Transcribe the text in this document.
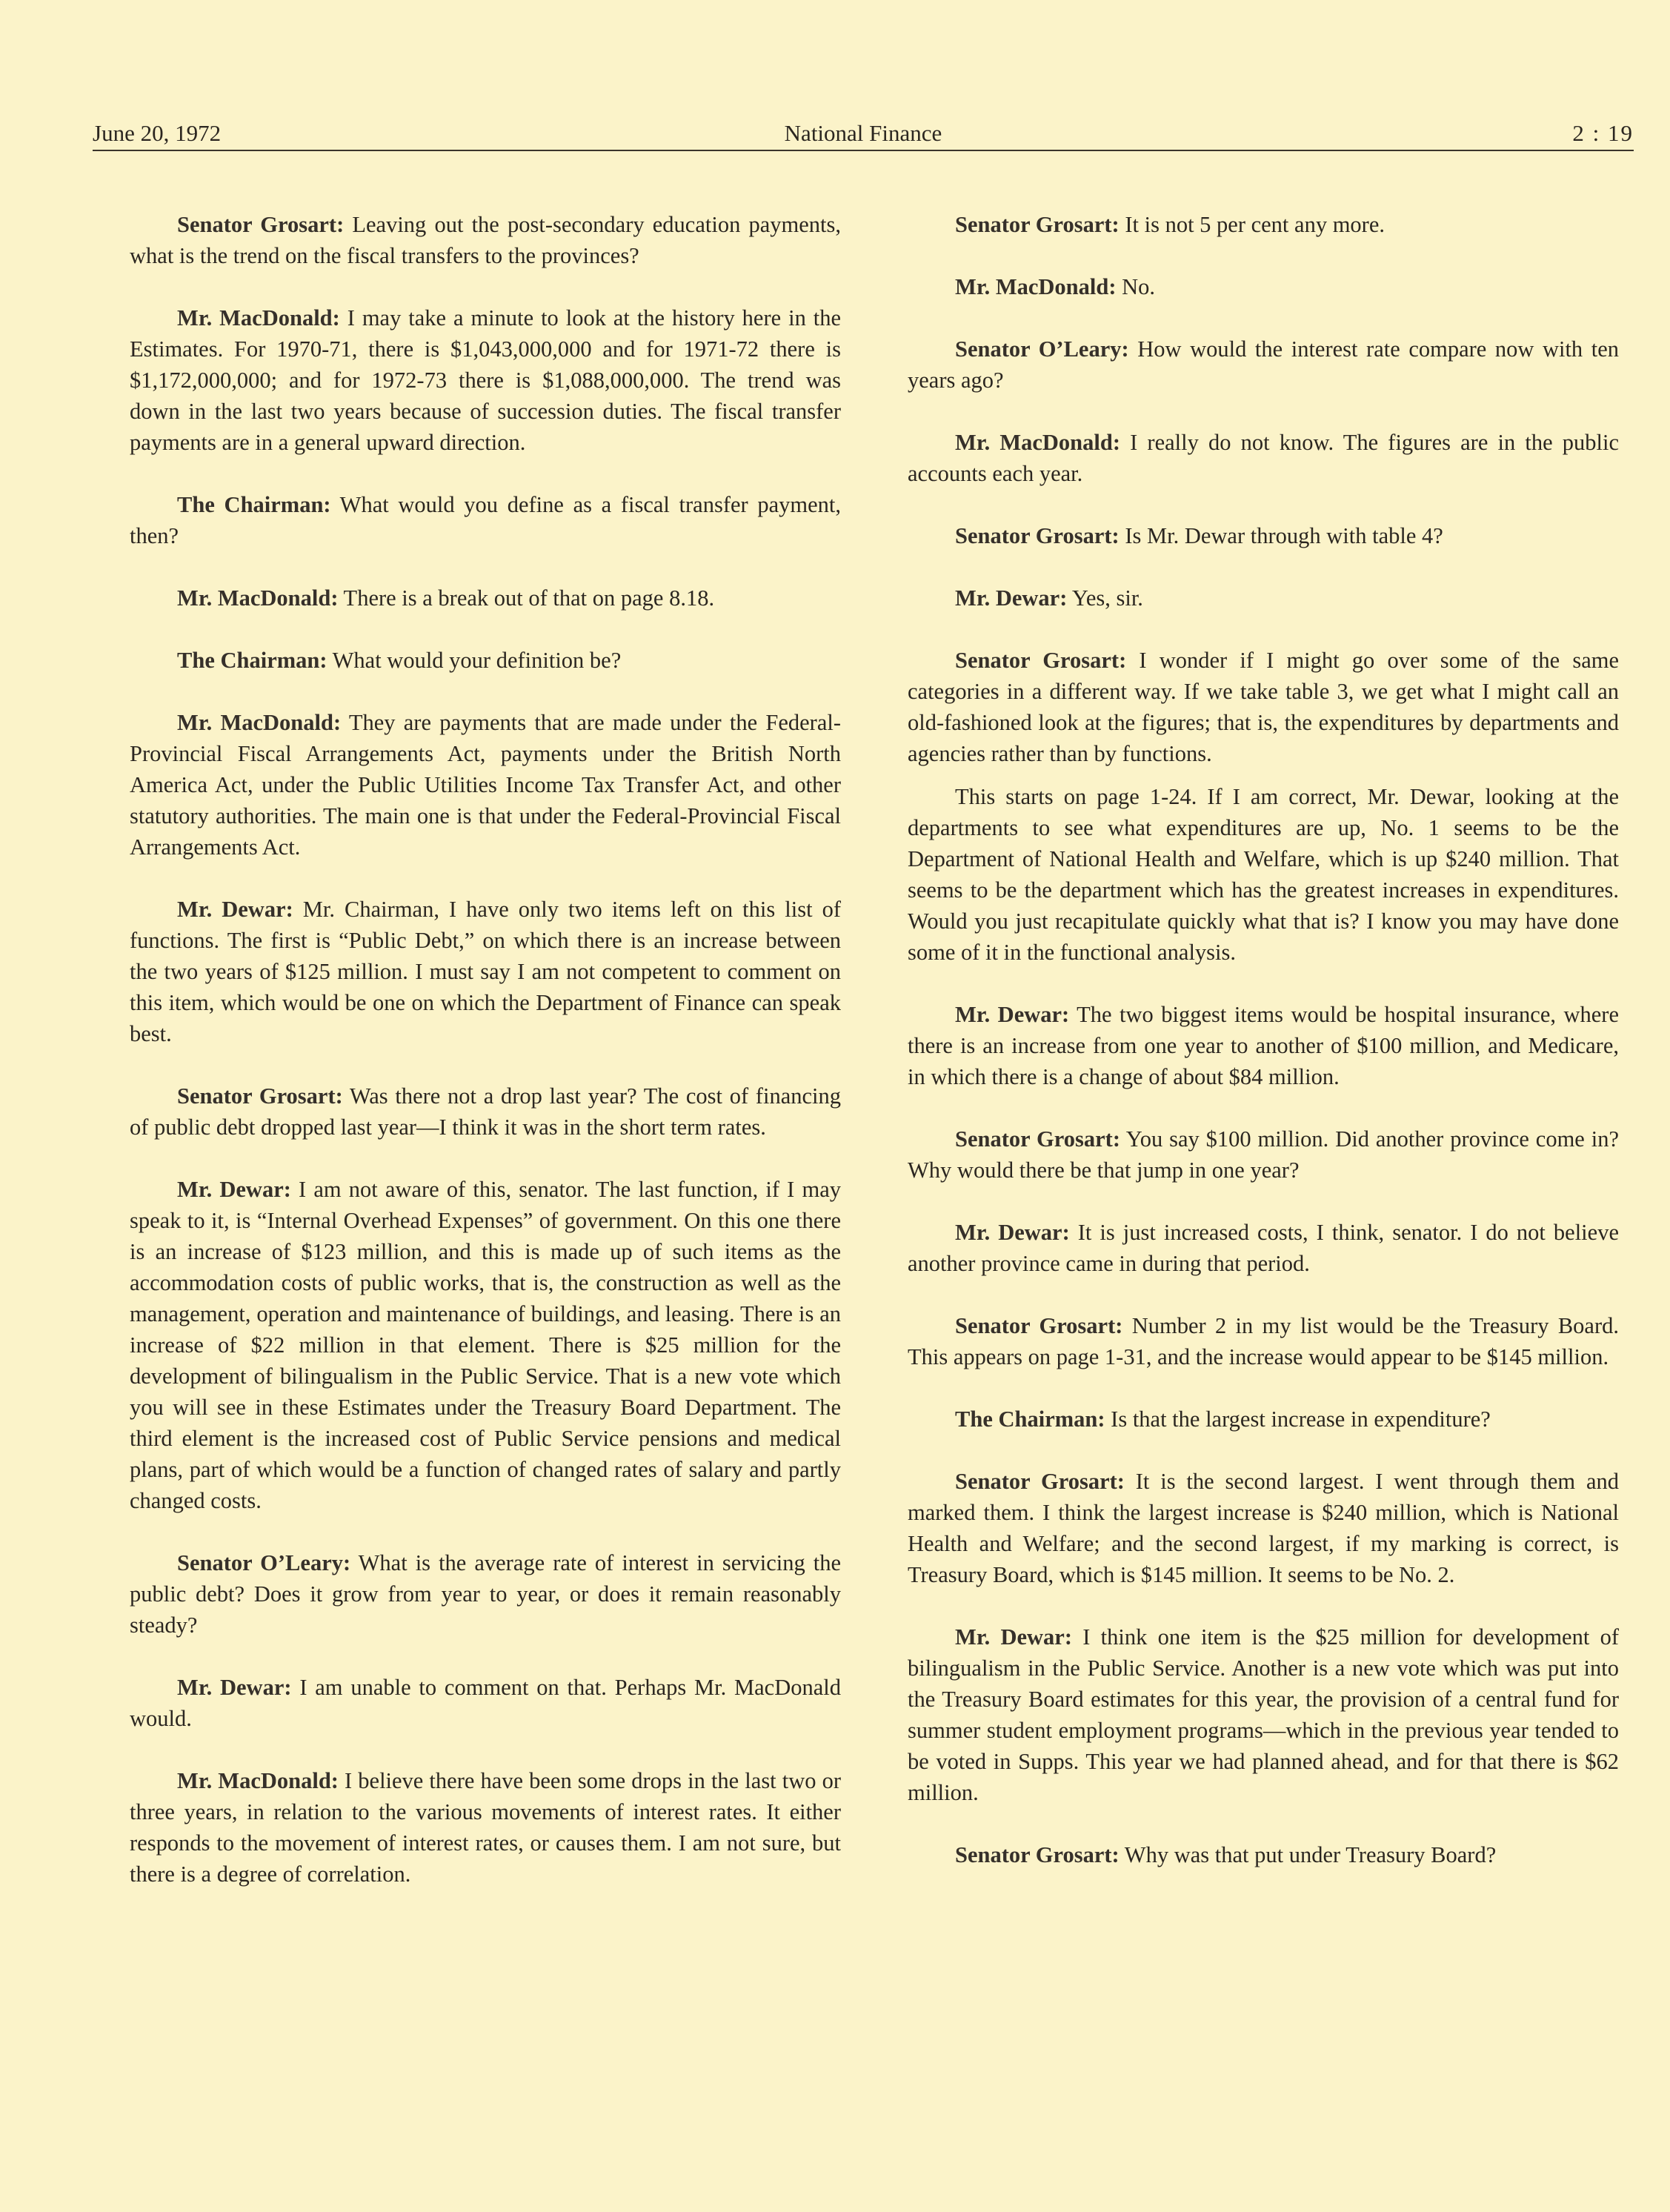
June 20, 1972	National Finance	2 : 19

Senator Grosart: Leaving out the post-secondary education payments, what is the trend on the fiscal transfers to the provinces?

Mr. MacDonald: I may take a minute to look at the history here in the Estimates. For 1970-71, there is $1,043,000,000 and for 1971-72 there is $1,172,000,000; and for 1972-73 there is $1,088,000,000. The trend was down in the last two years because of succession duties. The fiscal transfer payments are in a general upward direction.

The Chairman: What would you define as a fiscal transfer payment, then?

Mr. MacDonald: There is a break out of that on page 8.18.

The Chairman: What would your definition be?

Mr. MacDonald: They are payments that are made under the Federal-Provincial Fiscal Arrangements Act, payments under the British North America Act, under the Public Utilities Income Tax Transfer Act, and other statutory authorities. The main one is that under the Federal-Provincial Fiscal Arrangements Act.

Mr. Dewar: Mr. Chairman, I have only two items left on this list of functions. The first is “Public Debt,” on which there is an increase between the two years of $125 million. I must say I am not competent to comment on this item, which would be one on which the Department of Finance can speak best.

Senator Grosart: Was there not a drop last year? The cost of financing of public debt dropped last year—I think it was in the short term rates.

Mr. Dewar: I am not aware of this, senator. The last function, if I may speak to it, is “Internal Overhead Expenses” of government. On this one there is an increase of $123 million, and this is made up of such items as the accommodation costs of public works, that is, the construction as well as the management, operation and maintenance of buildings, and leasing. There is an increase of $22 million in that element. There is $25 million for the development of bilingualism in the Public Service. That is a new vote which you will see in these Estimates under the Treasury Board Department. The third element is the increased cost of Public Service pensions and medical plans, part of which would be a function of changed rates of salary and partly changed costs.

Senator O’Leary: What is the average rate of interest in servicing the public debt? Does it grow from year to year, or does it remain reasonably steady?

Mr. Dewar: I am unable to comment on that. Perhaps Mr. MacDonald would.

Mr. MacDonald: I believe there have been some drops in the last two or three years, in relation to the various movements of interest rates. It either responds to the movement of interest rates, or causes them. I am not sure, but there is a degree of correlation.

Senator Grosart: It is not 5 per cent any more.

Mr. MacDonald: No.

Senator O’Leary: How would the interest rate compare now with ten years ago?

Mr. MacDonald: I really do not know. The figures are in the public accounts each year.

Senator Grosart: Is Mr. Dewar through with table 4?

Mr. Dewar: Yes, sir.

Senator Grosart: I wonder if I might go over some of the same categories in a different way. If we take table 3, we get what I might call an old-fashioned look at the figures; that is, the expenditures by departments and agencies rather than by functions.

This starts on page 1-24. If I am correct, Mr. Dewar, looking at the departments to see what expenditures are up, No. 1 seems to be the Department of National Health and Welfare, which is up $240 million. That seems to be the department which has the greatest increases in expenditures. Would you just recapitulate quickly what that is? I know you may have done some of it in the functional analysis.

Mr. Dewar: The two biggest items would be hospital insurance, where there is an increase from one year to another of $100 million, and Medicare, in which there is a change of about $84 million.

Senator Grosart: You say $100 million. Did another province come in? Why would there be that jump in one year?

Mr. Dewar: It is just increased costs, I think, senator. I do not believe another province came in during that period.

Senator Grosart: Number 2 in my list would be the Treasury Board. This appears on page 1-31, and the increase would appear to be $145 million.

The Chairman: Is that the largest increase in expenditure?

Senator Grosart: It is the second largest. I went through them and marked them. I think the largest increase is $240 million, which is National Health and Welfare; and the second largest, if my marking is correct, is Treasury Board, which is $145 million. It seems to be No. 2.

Mr. Dewar: I think one item is the $25 million for development of bilingualism in the Public Service. Another is a new vote which was put into the Treasury Board estimates for this year, the provision of a central fund for summer student employment programs—which in the previous year tended to be voted in Supps. This year we had planned ahead, and for that there is $62 million.

Senator Grosart: Why was that put under Treasury Board?
